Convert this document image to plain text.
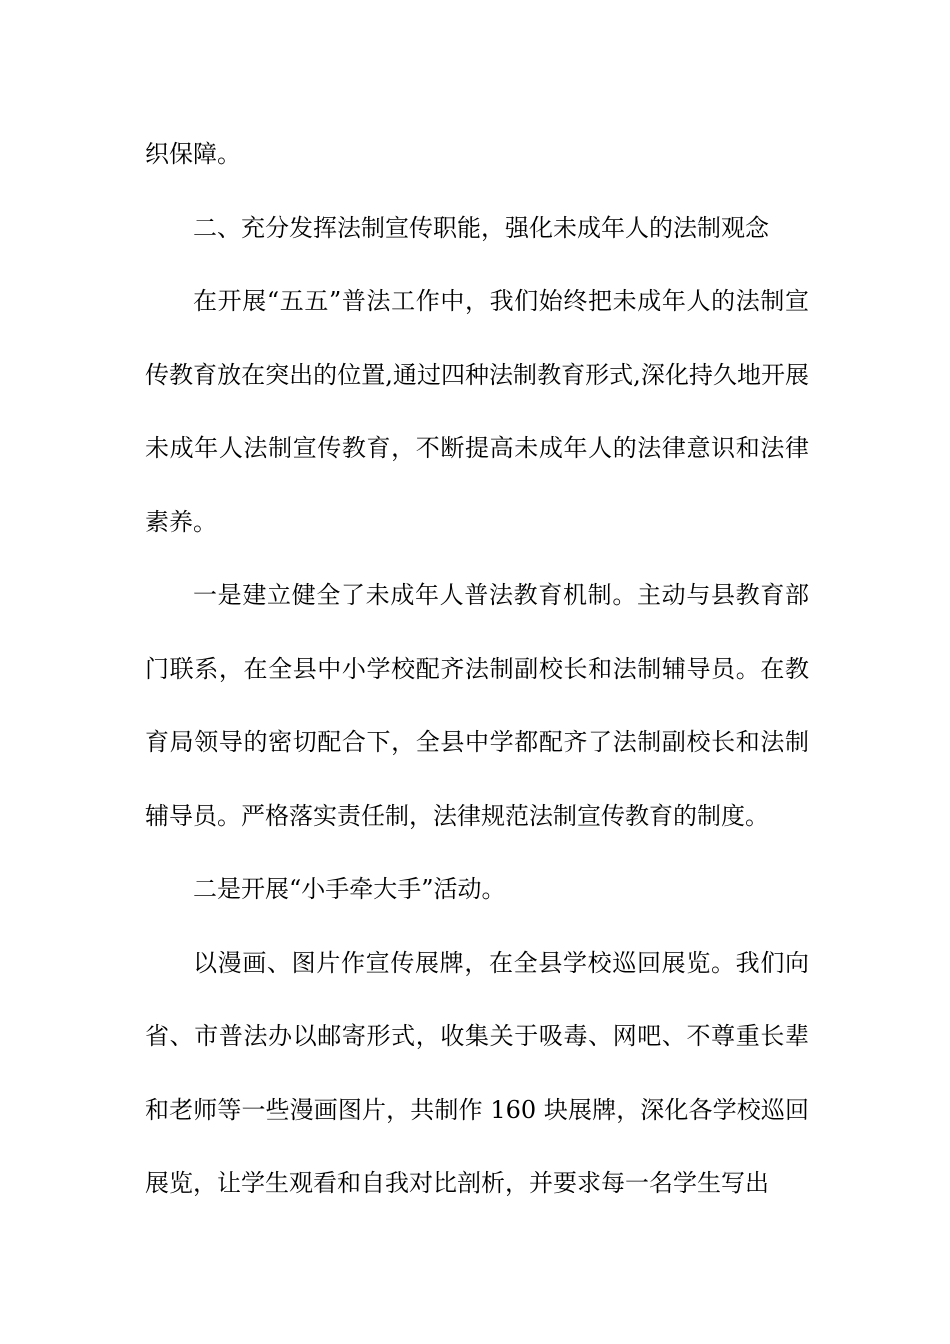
织保障。

二、充分发挥法制宣传职能，强化未成年人的法制观念

在开展“五五”普法工作中，我们始终把未成年人的法制宣传教育放在突出的位置,通过四种法制教育形式,深化持久地开展未成年人法制宣传教育，不断提高未成年人的法律意识和法律素养。

一是建立健全了未成年人普法教育机制。主动与县教育部门联系，在全县中小学校配齐法制副校长和法制辅导员。在教育局领导的密切配合下，全县中学都配齐了法制副校长和法制辅导员。严格落实责任制，法律规范法制宣传教育的制度。

二是开展“小手牵大手”活动。

以漫画、图片作宣传展牌，在全县学校巡回展览。我们向省、市普法办以邮寄形式，收集关于吸毒、网吧、不尊重长辈和老师等一些漫画图片，共制作 160 块展牌，深化各学校巡回展览，让学生观看和自我对比剖析，并要求每一名学生写出
